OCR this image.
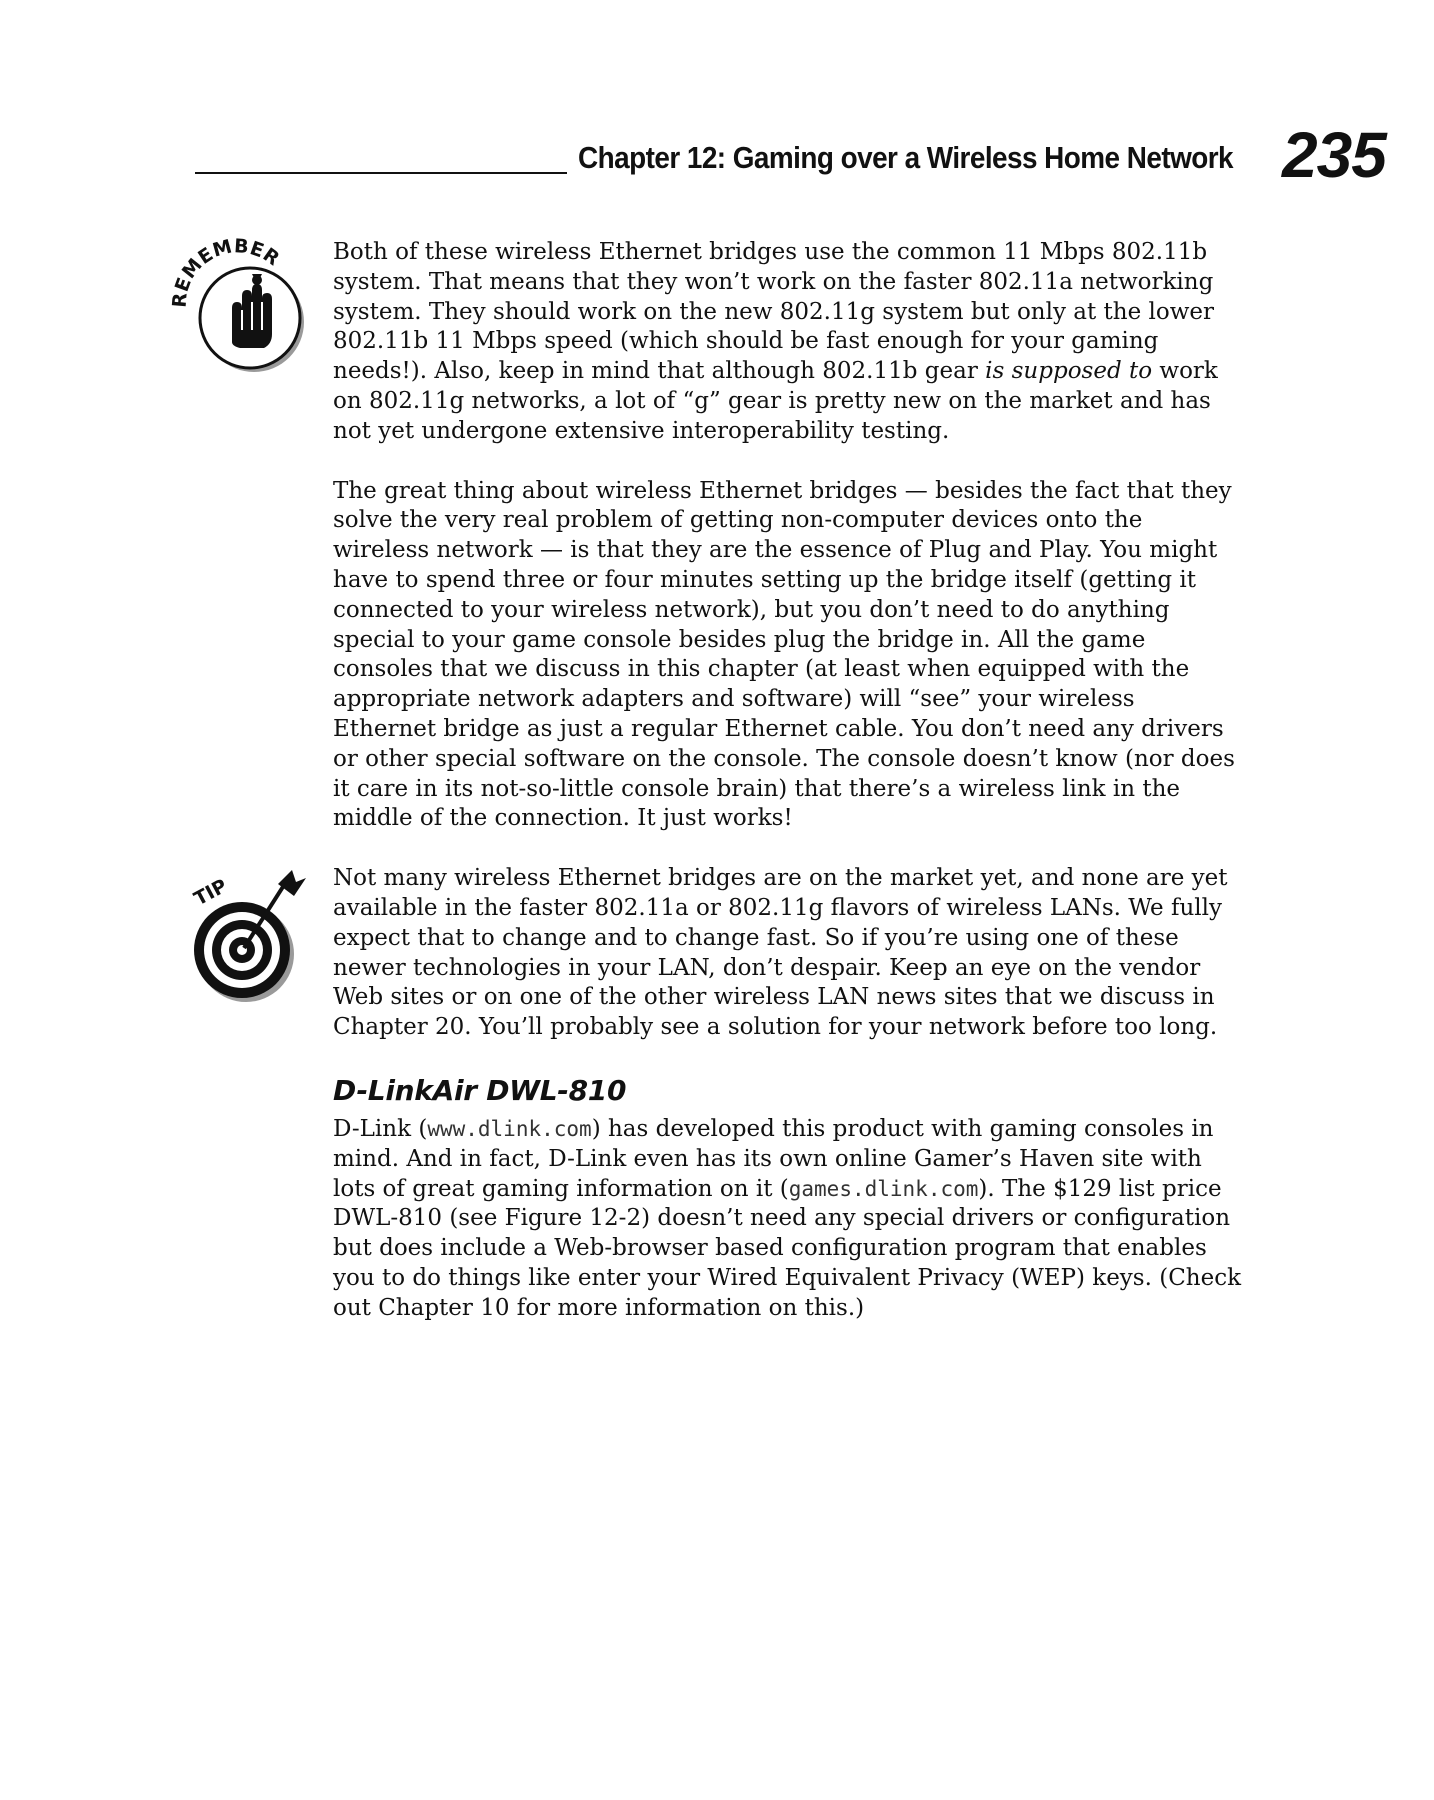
Chapter 12: Gaming over a Wireless Home Network 235
REMEMBER
TIP

Both of these wireless Ethernet bridges use the common 11 Mbps 802.11b system. That means that they won’t work on the faster 802.11a networking system. They should work on the new 802.11g system but only at the lower 802.11b 11 Mbps speed (which should be fast enough for your gaming needs!). Also, keep in mind that although 802.11b gear is supposed to work on 802.11g networks, a lot of “g” gear is pretty new on the market and has not yet undergone extensive interoperability testing.

The great thing about wireless Ethernet bridges — besides the fact that they solve the very real problem of getting non-computer devices onto the wireless network — is that they are the essence of Plug and Play. You might have to spend three or four minutes setting up the bridge itself (getting it connected to your wireless network), but you don’t need to do anything special to your game console besides plug the bridge in. All the game consoles that we discuss in this chapter (at least when equipped with the appropriate network adapters and software) will “see” your wireless Ethernet bridge as just a regular Ethernet cable. You don’t need any drivers or other special software on the console. The console doesn’t know (nor does it care in its not-so-little console brain) that there’s a wireless link in the middle of the connection. It just works!

Not many wireless Ethernet bridges are on the market yet, and none are yet available in the faster 802.11a or 802.11g flavors of wireless LANs. We fully expect that to change and to change fast. So if you’re using one of these newer technologies in your LAN, don’t despair. Keep an eye on the vendor Web sites or on one of the other wireless LAN news sites that we discuss in Chapter 20. You’ll probably see a solution for your network before too long.

D-LinkAir DWL-810

D-Link (www.dlink.com) has developed this product with gaming consoles in mind. And in fact, D-Link even has its own online Gamer’s Haven site with lots of great gaming information on it (games.dlink.com). The $129 list price DWL-810 (see Figure 12-2) doesn’t need any special drivers or configuration but does include a Web-browser based configuration program that enables you to do things like enter your Wired Equivalent Privacy (WEP) keys. (Check out Chapter 10 for more information on this.)
